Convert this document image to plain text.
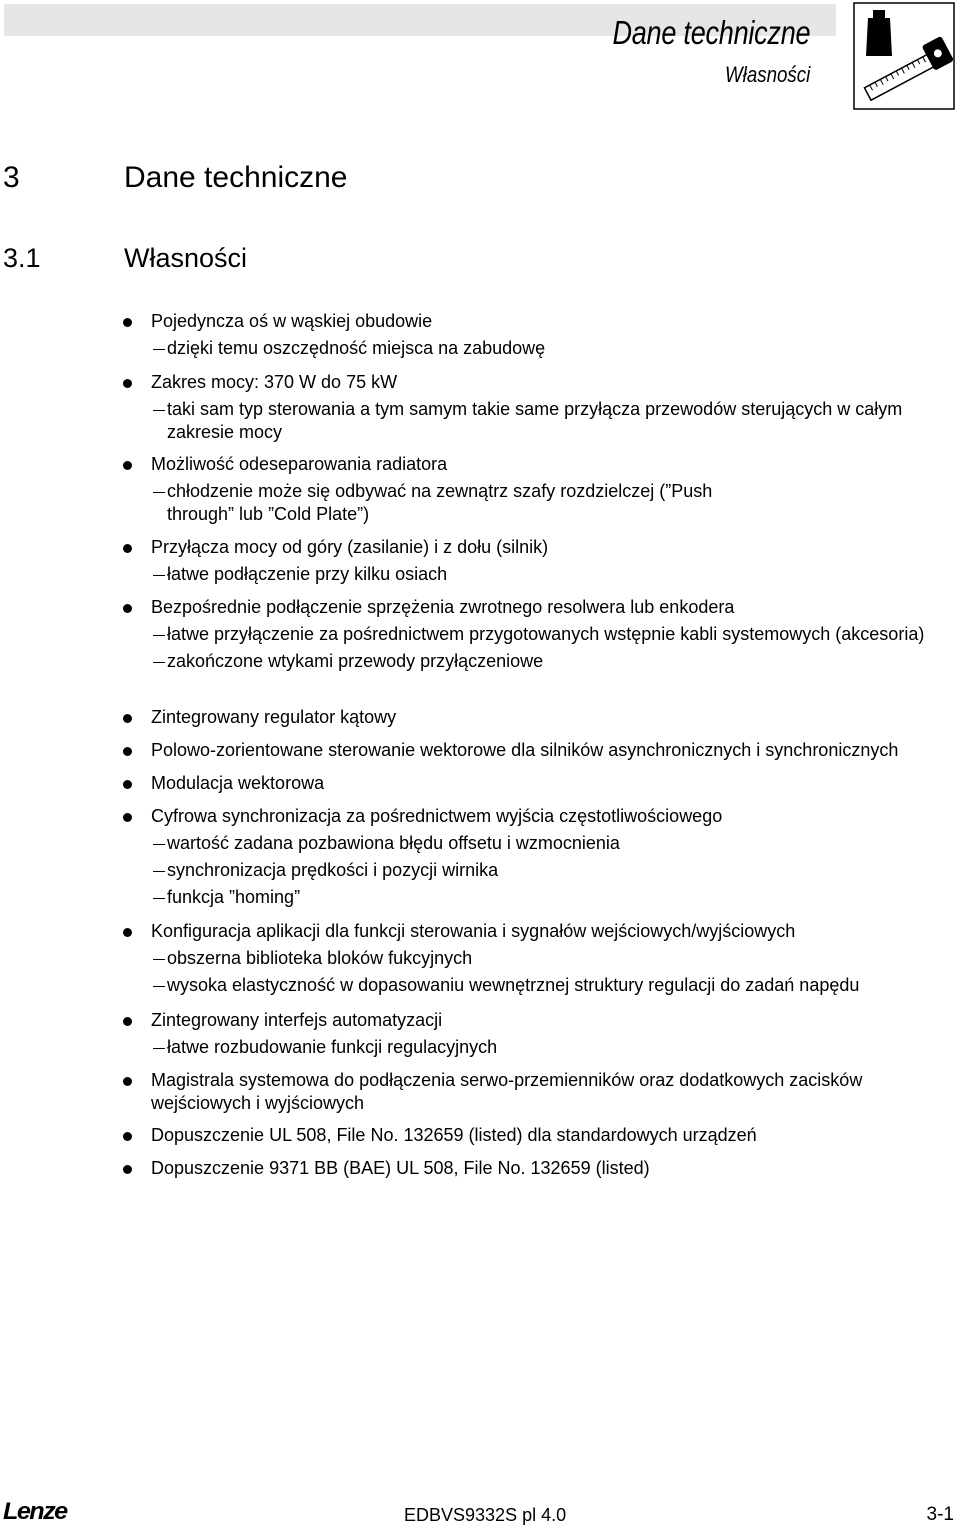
Dane techniczne
Własności
3	Dane techniczne
3.1	Własności
Pojedyncza oś w wąskiej obudowie
dzięki temu oszczędność miejsca na zabudowę
Zakres mocy: 370 W do 75 kW
taki sam typ sterowania a tym samym takie same przyłącza przewodów sterujących w całym zakresie mocy
Możliwość odeseparowania radiatora
chłodzenie może się odbywać na zewnątrz szafy rozdzielczej (”Push through” lub ”Cold Plate”)
Przyłącza mocy od góry (zasilanie) i z dołu (silnik)
łatwe podłączenie przy kilku osiach
Bezpośrednie podłączenie sprzężenia zwrotnego resolwera lub enkodera
łatwe przyłączenie za pośrednictwem przygotowanych wstępnie kabli systemowych (akcesoria)
zakończone wtykami przewody przyłączeniowe
Zintegrowany regulator kątowy
Polowo-zorientowane sterowanie wektorowe dla silników asynchronicznych i synchronicznych
Modulacja wektorowa
Cyfrowa synchronizacja za pośrednictwem wyjścia częstotliwościowego
wartość zadana pozbawiona błędu offsetu i wzmocnienia
synchronizacja prędkości i pozycji wirnika
funkcja ”homing”
Konfiguracja aplikacji dla funkcji sterowania i sygnałów wejściowych/wyjściowych
obszerna biblioteka bloków fukcyjnych
wysoka elastyczność w dopasowaniu wewnętrznej struktury regulacji do zadań napędu
Zintegrowany interfejs automatyzacji
łatwe rozbudowanie funkcji regulacyjnych
Magistrala systemowa do podłączenia serwo-przemienników oraz dodatkowych zacisków wejściowych i wyjściowych
Dopuszczenie UL 508, File No. 132659 (listed) dla standardowych urządzeń
Dopuszczenie 9371 BB (BAE) UL 508, File No. 132659 (listed)
Lenze	EDBVS9332S pl 4.0	3-1
